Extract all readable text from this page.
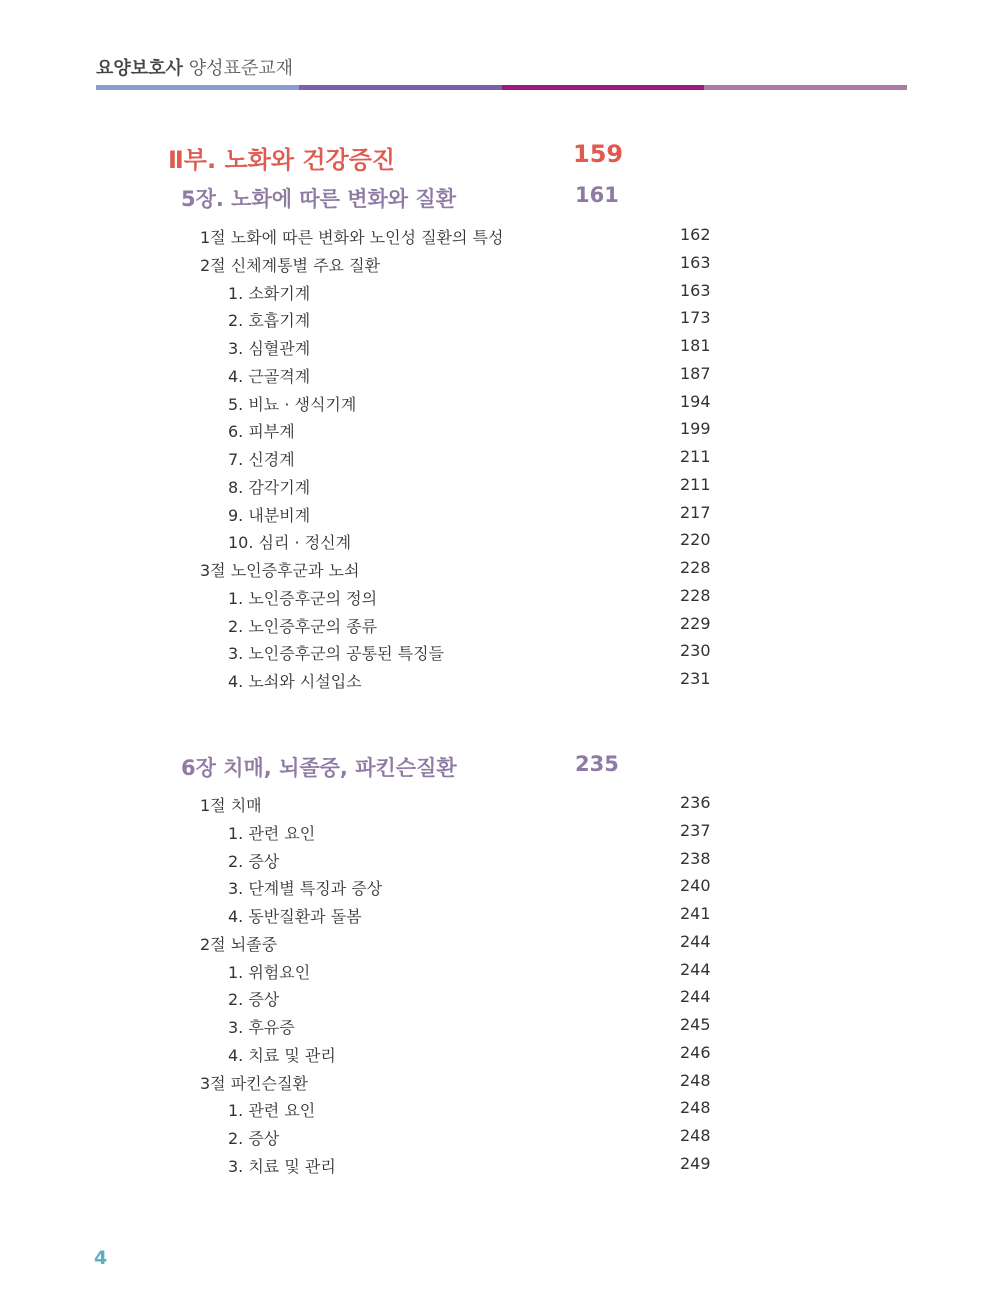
요양보호사 양성표준교재
Ⅱ부. 노화와 건강증진	159
5장. 노화에 따른 변화와 질환	161
1절 노화에 따른 변화와 노인성 질환의 특성	162
2절 신체계통별 주요 질환	163
1. 소화기계	163
2. 호흡기계	173
3. 심혈관계	181
4. 근골격계	187
5. 비뇨 · 생식기계	194
6. 피부계	199
7. 신경계	211
8. 감각기계	211
9. 내분비계	217
10. 심리 · 정신계	220
3절 노인증후군과 노쇠	228
1. 노인증후군의 정의	228
2. 노인증후군의 종류	229
3. 노인증후군의 공통된 특징들	230
4. 노쇠와 시설입소	231
6장 치매, 뇌졸중, 파킨슨질환	235
1절 치매	236
1. 관련 요인	237
2. 증상	238
3. 단계별 특징과 증상	240
4. 동반질환과 돌봄	241
2절 뇌졸중	244
1. 위험요인	244
2. 증상	244
3. 후유증	245
4. 치료 및 관리	246
3절 파킨슨질환	248
1. 관련 요인	248
2. 증상	248
3. 치료 및 관리	249
4
